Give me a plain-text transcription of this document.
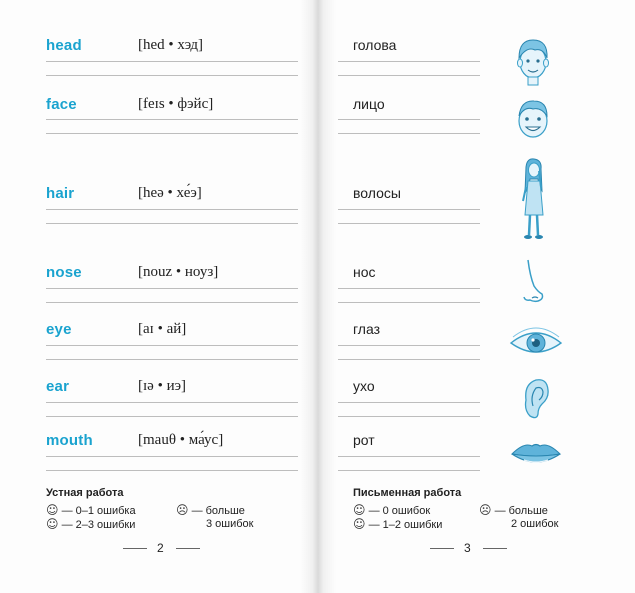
head	[hed • хэд]	голова
face	[feɪs • фэйс]	лицо
hair	[heə • хе́э]	волосы
nose	[nouz • ноуз]	нос
eye	[aɪ • ай]	глаз
ear	[ɪə • иэ]	ухо
mouth	[mauθ • ма́ус]	рот
Устная работа
☺ — 0–1 ошибка
☺ — 2–3 ошибки
☹ — больше
3 ошибок
2
Письменная работа
☺ — 0 ошибок
☺ — 1–2 ошибки
☹ — больше
2 ошибок
3
